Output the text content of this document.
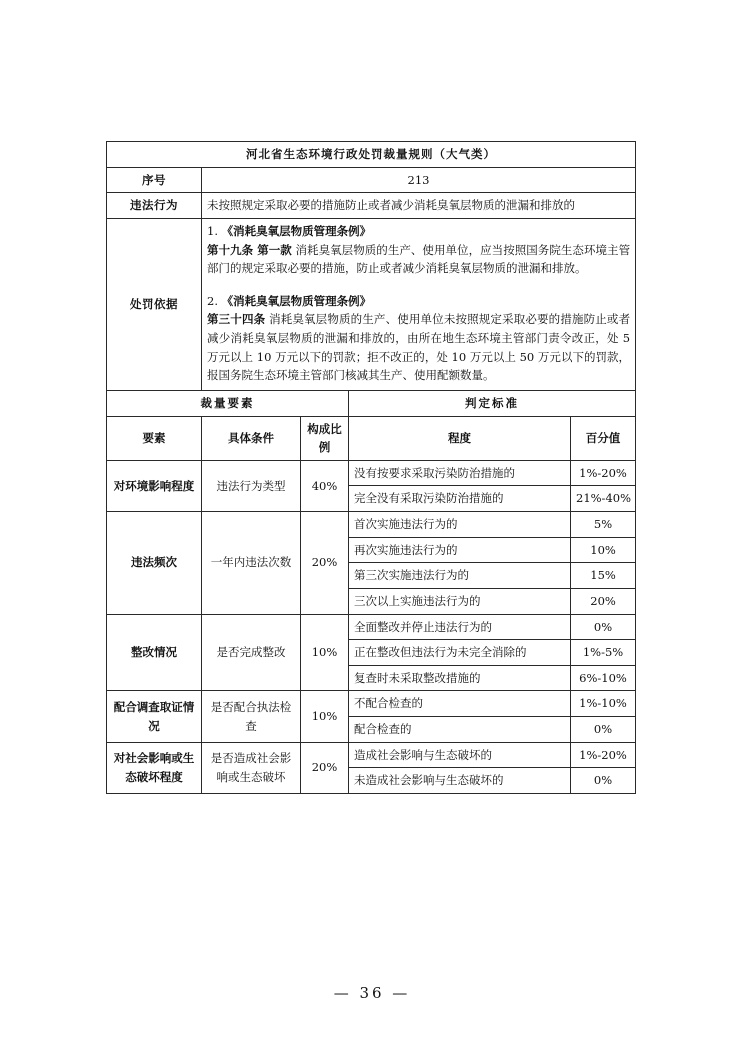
河北省生态环境行政处罚裁量规则（大气类）				
序号	213			
违法行为	未按照规定采取必要的措施防止或者减少消耗臭氧层物质的泄漏和排放的			
处罚依据	1. 《消耗臭氧层物质管理条例》

第十九条 第一款 消耗臭氧层物质的生产、使用单位，应当按照国务院生态环境主管部门的规定采取必要的措施，防止或者减少消耗臭氧层物质的泄漏和排放。

2. 《消耗臭氧层物质管理条例》

第三十四条 消耗臭氧层物质的生产、使用单位未按照规定采取必要的措施防止或者减少消耗臭氧层物质的泄漏和排放的，由所在地生态环境主管部门责令改正，处 5 万元以上 10 万元以下的罚款；拒不改正的，处 10 万元以上 50 万元以下的罚款，报国务院生态环境主管部门核减其生产、使用配额数量。			

裁量要素			判定标准	
要素	具体条件	构成比例	程度	百分值
对环境影响程度	违法行为类型	40%	没有按要求采取污染防治措施的	1%-20%
			完全没有采取污染防治措施的	21%-40%
违法频次	一年内违法次数	20%	首次实施违法行为的	5%
			再次实施违法行为的	10%
			第三次实施违法行为的	15%
			三次以上实施违法行为的	20%
整改情况	是否完成整改	10%	全面整改并停止违法行为的	0%
			正在整改但违法行为未完全消除的	1%-5%
			复查时未采取整改措施的	6%-10%
配合调查取证情况	是否配合执法检查	10%	不配合检查的	1%-10%
			配合检查的	0%
对社会影响或生态破坏程度	是否造成社会影响或生态破坏	20%	造成社会影响与生态破坏的	1%-20%
			未造成社会影响与生态破坏的	0%
— 36 —
